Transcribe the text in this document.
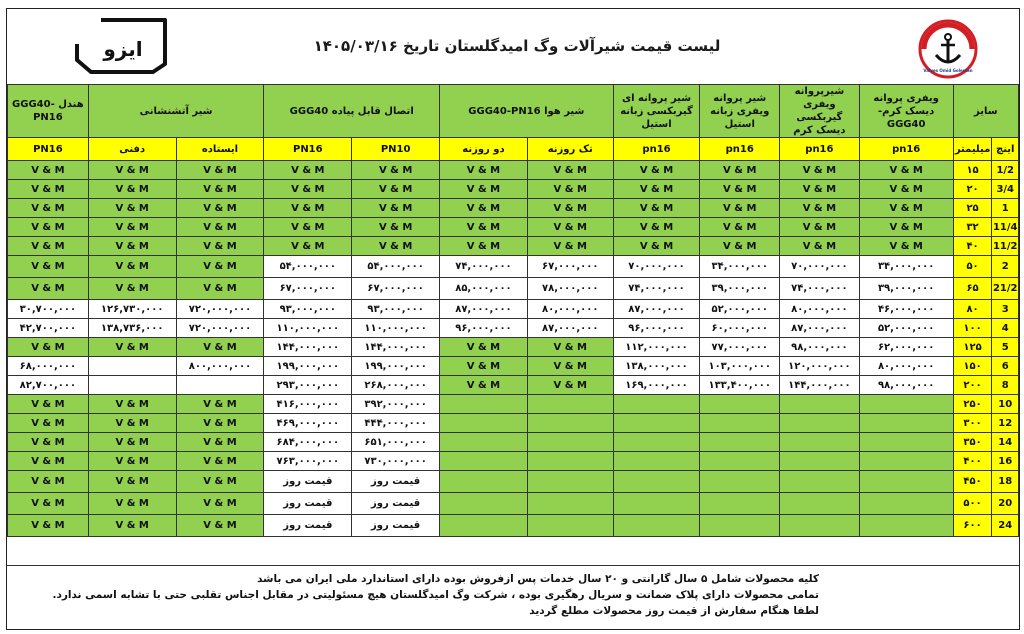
ایزو	لیست قیمت شیرآلات وگ امیدگلستان تاریخ ۱۴۰۵/۰۳/۱۶
Valves Omid Golestan
سایز		ویفری پروانه دیسک کرم-GGG40	شیرپروانه ویفری گیربکسی دیسک کرم	شیر پروانه ویفری زبانه استیل	شیر پروانه ای گیربکسی زبانه استیل	شیر هوا GGG40-PN16		اتصال قابل پیاده GGG40		شیر آتشنشانی		هندل GGG40-PN16
اینچ	میلیمتر	pn16	pn16	pn16	pn16	تک روزنه	دو روزنه	PN10	PN16	ایستاده	دفنی	PN16
1/2	۱۵	V & M	V & M	V & M	V & M	V & M	V & M	V & M	V & M	V & M	V & M	V & M
3/4	۲۰	V & M	V & M	V & M	V & M	V & M	V & M	V & M	V & M	V & M	V & M	V & M
1	۲۵	V & M	V & M	V & M	V & M	V & M	V & M	V & M	V & M	V & M	V & M	V & M
11/4	۳۲	V & M	V & M	V & M	V & M	V & M	V & M	V & M	V & M	V & M	V & M	V & M
11/2	۴۰	V & M	V & M	V & M	V & M	V & M	V & M	V & M	V & M	V & M	V & M	V & M
2	۵۰	۳۴,۰۰۰,۰۰۰	۷۰,۰۰۰,۰۰۰	۳۴,۰۰۰,۰۰۰	۷۰,۰۰۰,۰۰۰	۶۷,۰۰۰,۰۰۰	۷۴,۰۰۰,۰۰۰	۵۴,۰۰۰,۰۰۰	۵۴,۰۰۰,۰۰۰	V & M	V & M	V & M
21/2	۶۵	۳۹,۰۰۰,۰۰۰	۷۴,۰۰۰,۰۰۰	۳۹,۰۰۰,۰۰۰	۷۴,۰۰۰,۰۰۰	۷۸,۰۰۰,۰۰۰	۸۵,۰۰۰,۰۰۰	۶۷,۰۰۰,۰۰۰	۶۷,۰۰۰,۰۰۰	V & M	V & M	V & M
3	۸۰	۴۶,۰۰۰,۰۰۰	۸۰,۰۰۰,۰۰۰	۵۲,۰۰۰,۰۰۰	۸۷,۰۰۰,۰۰۰	۸۰,۰۰۰,۰۰۰	۸۷,۰۰۰,۰۰۰	۹۳,۰۰۰,۰۰۰	۹۳,۰۰۰,۰۰۰	۷۲۰,۰۰۰,۰۰۰	۱۲۶,۷۳۰,۰۰۰	۳۰,۷۰۰,۰۰۰
4	۱۰۰	۵۲,۰۰۰,۰۰۰	۸۷,۰۰۰,۰۰۰	۶۰,۰۰۰,۰۰۰	۹۶,۰۰۰,۰۰۰	۸۷,۰۰۰,۰۰۰	۹۶,۰۰۰,۰۰۰	۱۱۰,۰۰۰,۰۰۰	۱۱۰,۰۰۰,۰۰۰	۷۲۰,۰۰۰,۰۰۰	۱۳۸,۷۳۶,۰۰۰	۴۲,۷۰۰,۰۰۰
5	۱۲۵	۶۲,۰۰۰,۰۰۰	۹۸,۰۰۰,۰۰۰	۷۷,۰۰۰,۰۰۰	۱۱۲,۰۰۰,۰۰۰	V & M	V & M	۱۴۴,۰۰۰,۰۰۰	۱۴۴,۰۰۰,۰۰۰	V & M	V & M	V & M
6	۱۵۰	۸۰,۰۰۰,۰۰۰	۱۲۰,۰۰۰,۰۰۰	۱۰۳,۰۰۰,۰۰۰	۱۳۸,۰۰۰,۰۰۰	V & M	V & M	۱۹۹,۰۰۰,۰۰۰	۱۹۹,۰۰۰,۰۰۰	۸۰۰,۰۰۰,۰۰۰		۶۸,۰۰۰,۰۰۰
8	۲۰۰	۹۸,۰۰۰,۰۰۰	۱۴۴,۰۰۰,۰۰۰	۱۳۳,۴۰۰,۰۰۰	۱۶۹,۰۰۰,۰۰۰	V & M	V & M	۲۶۸,۰۰۰,۰۰۰	۲۹۳,۰۰۰,۰۰۰			۸۲,۷۰۰,۰۰۰
10	۲۵۰							۳۹۲,۰۰۰,۰۰۰	۴۱۶,۰۰۰,۰۰۰	V & M	V & M	V & M
12	۳۰۰							۴۴۴,۰۰۰,۰۰۰	۴۶۹,۰۰۰,۰۰۰	V & M	V & M	V & M
14	۳۵۰							۶۵۱,۰۰۰,۰۰۰	۶۸۴,۰۰۰,۰۰۰	V & M	V & M	V & M
16	۴۰۰							۷۳۰,۰۰۰,۰۰۰	۷۶۳,۰۰۰,۰۰۰	V & M	V & M	V & M
18	۴۵۰							قیمت روز	قیمت روز	V & M	V & M	V & M
20	۵۰۰							قیمت روز	قیمت روز	V & M	V & M	V & M
24	۶۰۰							قیمت روز	قیمت روز	V & M	V & M	V & M
کلیه محصولات شامل ۵ سال گارانتی و ۲۰ سال خدمات پس ازفروش بوده دارای استاندارد ملی ایران می باشد
تمامی محصولات دارای پلاک ضمانت و سریال رهگیری بوده ، شرکت وگ امیدگلستان هیچ مسئولیتی در مقابل اجناس تقلبی حتی با تشابه اسمی ندارد.
لطفا هنگام سفارش از قیمت روز محصولات مطلع گردید
